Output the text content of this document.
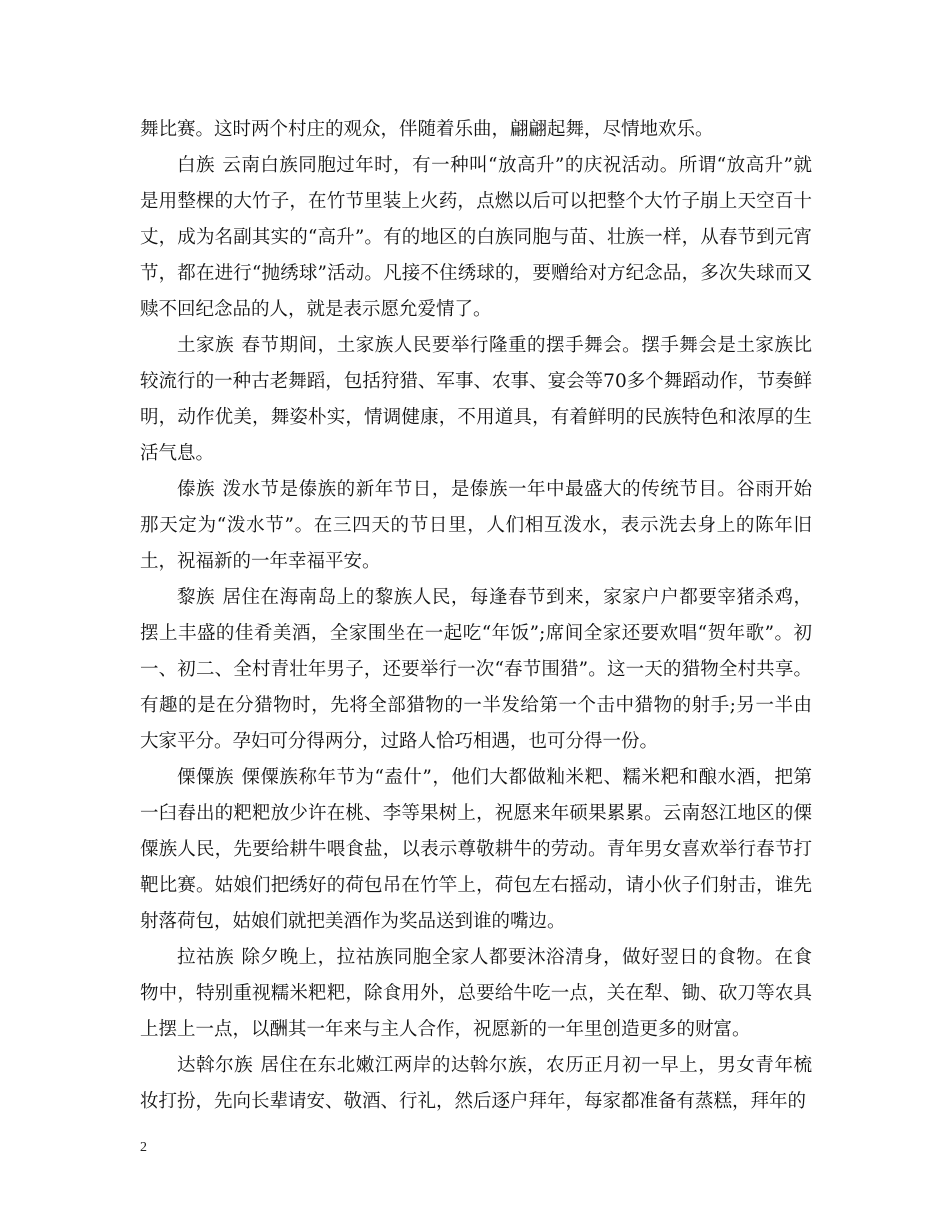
舞比赛。这时两个村庄的观众，伴随着乐曲，翩翩起舞，尽情地欢乐。

白族 云南白族同胞过年时，有一种叫“放高升”的庆祝活动。所谓“放高升”就是用整棵的大竹子，在竹节里装上火药，点燃以后可以把整个大竹子崩上天空百十丈，成为名副其实的“高升”。有的地区的白族同胞与苗、壮族一样，从春节到元宵节，都在进行“抛绣球”活动。凡接不住绣球的，要赠给对方纪念品，多次失球而又赎不回纪念品的人，就是表示愿允爱情了。

土家族 春节期间，土家族人民要举行隆重的摆手舞会。摆手舞会是土家族比较流行的一种古老舞蹈，包括狩猎、军事、农事、宴会等70多个舞蹈动作，节奏鲜明，动作优美，舞姿朴实，情调健康，不用道具，有着鲜明的民族特色和浓厚的生活气息。

傣族 泼水节是傣族的新年节日，是傣族一年中最盛大的传统节目。谷雨开始那天定为“泼水节”。在三四天的节日里，人们相互泼水，表示洗去身上的陈年旧土，祝福新的一年幸福平安。

黎族 居住在海南岛上的黎族人民，每逢春节到来，家家户户都要宰猪杀鸡，摆上丰盛的佳肴美酒，全家围坐在一起吃“年饭”;席间全家还要欢唱“贺年歌”。初一、初二、全村青壮年男子，还要举行一次“春节围猎”。这一天的猎物全村共享。有趣的是在分猎物时，先将全部猎物的一半发给第一个击中猎物的射手;另一半由大家平分。孕妇可分得两分，过路人恰巧相遇，也可分得一份。

傈僳族 傈僳族称年节为“盍什”，他们大都做籼米粑、糯米粑和酿水酒，把第一臼舂出的粑粑放少许在桃、李等果树上，祝愿来年硕果累累。云南怒江地区的傈僳族人民，先要给耕牛喂食盐，以表示尊敬耕牛的劳动。青年男女喜欢举行春节打靶比赛。姑娘们把绣好的荷包吊在竹竿上，荷包左右摇动，请小伙子们射击，谁先射落荷包，姑娘们就把美酒作为奖品送到谁的嘴边。

拉祜族 除夕晚上，拉祜族同胞全家人都要沐浴清身，做好翌日的食物。在食物中，特别重视糯米粑粑，除食用外，总要给牛吃一点，关在犁、锄、砍刀等农具上摆上一点，以酬其一年来与主人合作，祝愿新的一年里创造更多的财富。

达斡尔族 居住在东北嫩江两岸的达斡尔族，农历正月初一早上，男女青年梳妆打扮，先向长辈请安、敬酒、行礼，然后逐户拜年，每家都准备有蒸糕，拜年的

2
